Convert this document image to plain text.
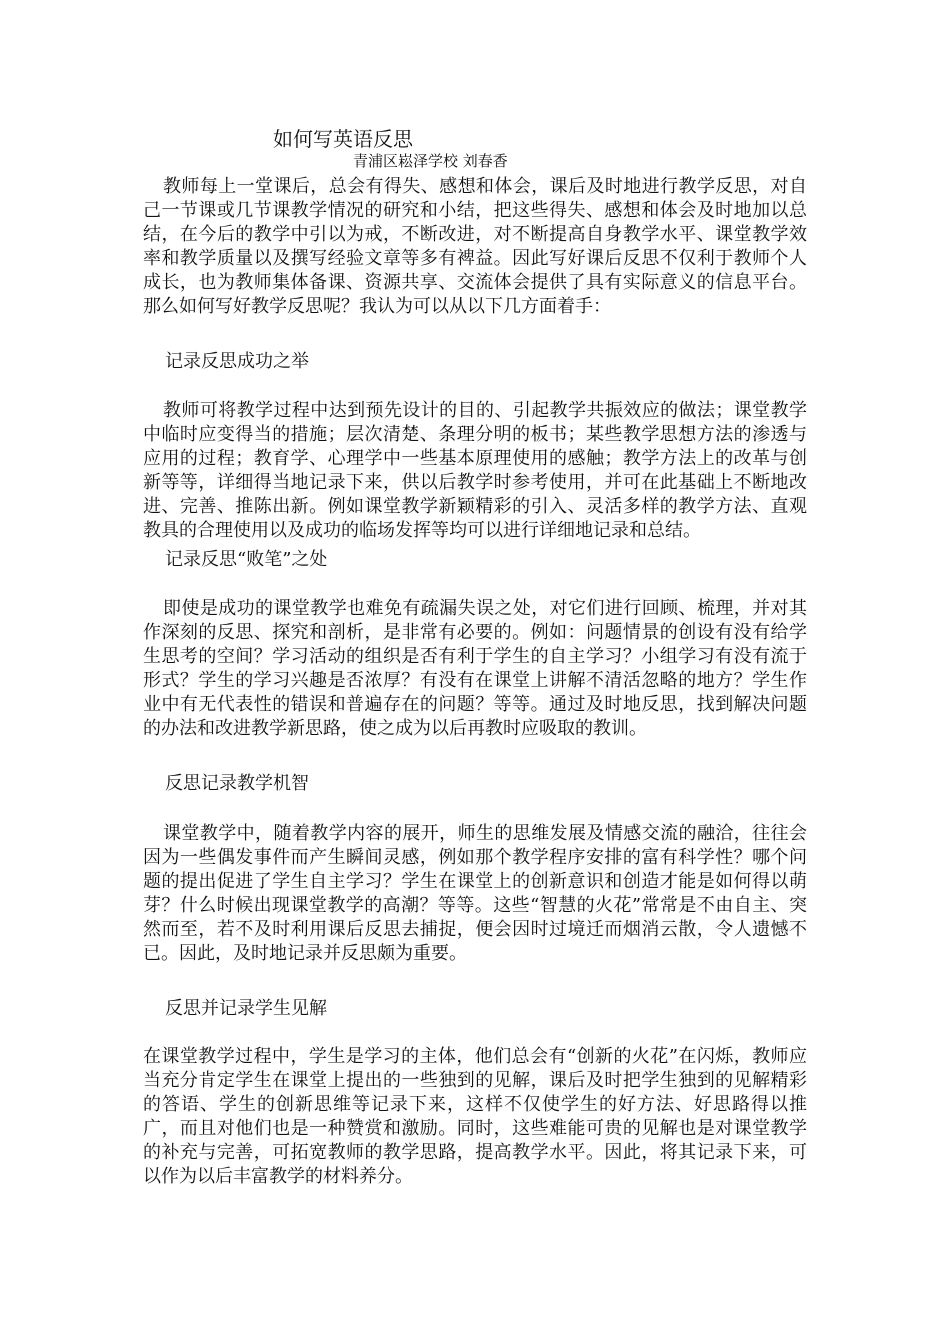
如何写英语反思
青浦区崧泽学校 刘春香
教师每上一堂课后，总会有得失、感想和体会，课后及时地进行教学反思，对自己一节课或几节课教学情况的研究和小结，把这些得失、感想和体会及时地加以总结，在今后的教学中引以为戒，不断改进，对不断提高自身教学水平、课堂教学效率和教学质量以及撰写经验文章等多有裨益。因此写好课后反思不仅利于教师个人成长，也为教师集体备课、资源共享、交流体会提供了具有实际意义的信息平台。那么如何写好教学反思呢？我认为可以从以下几方面着手：
记录反思成功之举
教师可将教学过程中达到预先设计的目的、引起教学共振效应的做法；课堂教学中临时应变得当的措施；层次清楚、条理分明的板书；某些教学思想方法的渗透与应用的过程；教育学、心理学中一些基本原理使用的感触；教学方法上的改革与创新等等，详细得当地记录下来，供以后教学时参考使用，并可在此基础上不断地改进、完善、推陈出新。例如课堂教学新颖精彩的引入、灵活多样的教学方法、直观教具的合理使用以及成功的临场发挥等均可以进行详细地记录和总结。
记录反思“败笔”之处
即使是成功的课堂教学也难免有疏漏失误之处，对它们进行回顾、梳理，并对其作深刻的反思、探究和剖析，是非常有必要的。例如：问题情景的创设有没有给学生思考的空间？学习活动的组织是否有利于学生的自主学习？小组学习有没有流于形式？学生的学习兴趣是否浓厚？有没有在课堂上讲解不清活忽略的地方？学生作业中有无代表性的错误和普遍存在的问题？等等。通过及时地反思，找到解决问题的办法和改进教学新思路，使之成为以后再教时应吸取的教训。
反思记录教学机智
课堂教学中，随着教学内容的展开，师生的思维发展及情感交流的融洽，往往会因为一些偶发事件而产生瞬间灵感，例如那个教学程序安排的富有科学性？哪个问题的提出促进了学生自主学习？学生在课堂上的创新意识和创造才能是如何得以萌芽？什么时候出现课堂教学的高潮？等等。这些“智慧的火花”常常是不由自主、突然而至，若不及时利用课后反思去捕捉，便会因时过境迁而烟消云散，令人遗憾不已。因此，及时地记录并反思颇为重要。
反思并记录学生见解
在课堂教学过程中，学生是学习的主体，他们总会有“创新的火花”在闪烁，教师应当充分肯定学生在课堂上提出的一些独到的见解，课后及时把学生独到的见解精彩的答语、学生的创新思维等记录下来，这样不仅使学生的好方法、好思路得以推广，而且对他们也是一种赞赏和激励。同时，这些难能可贵的见解也是对课堂教学的补充与完善，可拓宽教师的教学思路，提高教学水平。因此，将其记录下来，可以作为以后丰富教学的材料养分。
